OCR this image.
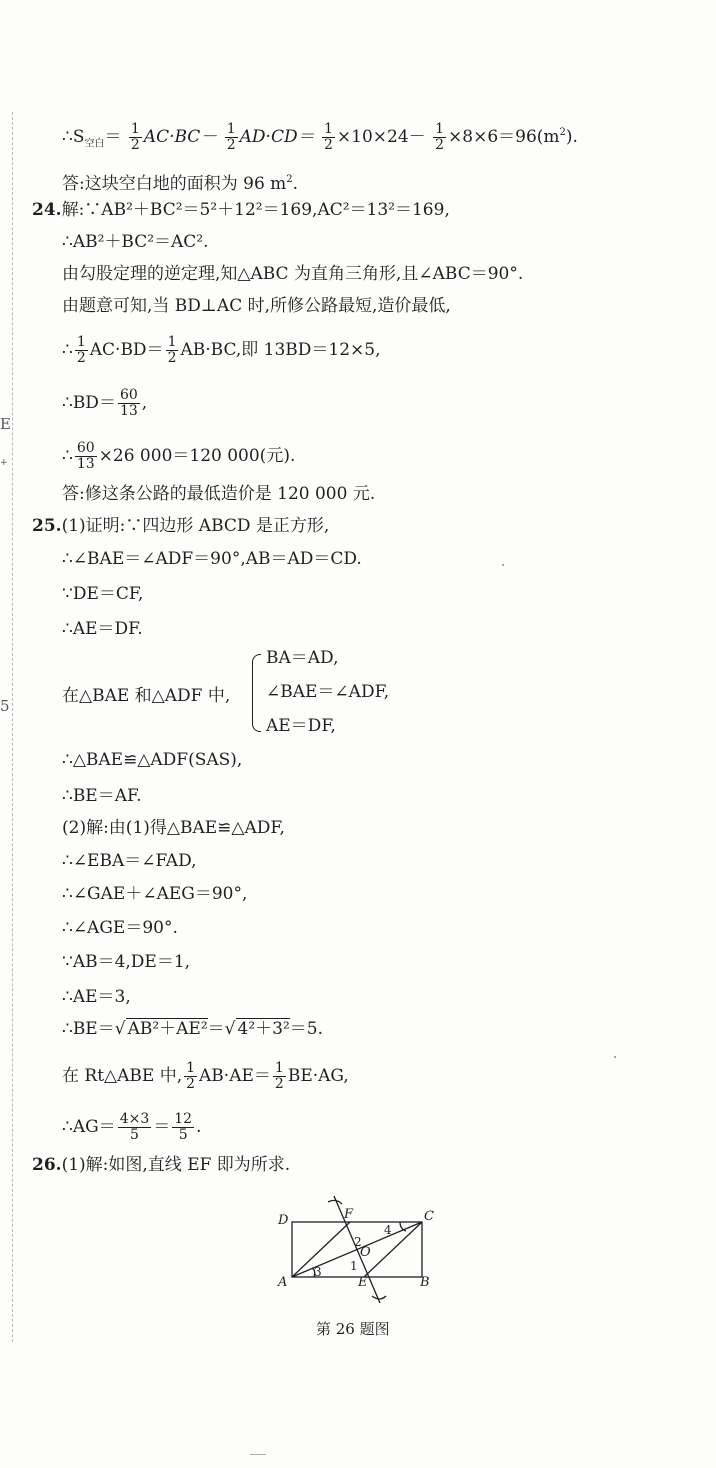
E
+
5
$\therefore S_{空白}= \frac{1}{2} AC\cdot BC- \frac{1}{2} AD\cdot CD= \frac{1}{2} \times 10\times 24- \frac{1}{2} \times 8\times 6=96(m^2)$.
答:这块空白地的面积为 96 $m^2$.
24.解:∵AB²＋BC²＝5²＋12²＝169,AC²＝13²＝169,
∴AB²＋BC²＝AC².
由勾股定理的逆定理,知△ABC 为直角三角形,且∠ABC＝90°.
由题意可知,当 BD⊥AC 时,所修公路最短,造价最低,
∴ $\frac{1}{2} AC\cdot BD= \frac{1}{2} AB\cdot BC$,即 13BD＝12×5,
∴BD＝ $\frac{60}{13}$ ,
∴ $\frac{60}{13} \times 26$ 000＝120 000(元).
答:修这条公路的最低造价是 120 000 元.
25.(1)证明:∵四边形 ABCD 是正方形,
∴∠BAE＝∠ADF＝90°,AB＝AD＝CD.
∵DE＝CF,
∴AE＝DF.
在△BAE 和△ADF 中,
BA＝AD,
∠BAE＝∠ADF,
AE＝DF,
∴△BAE≌△ADF(SAS),
∴BE＝AF.
(2)解:由(1)得△BAE≌△ADF,
∴∠EBA＝∠FAD,
∴∠GAE＋∠AEG＝90°,
∴∠AGE＝90°.
∵AB＝4,DE＝1,
∴AE＝3,
∴BE＝√ AB²＋AE²＝√ 4²＋3²＝5.
在 Rt△ABE 中, $\frac{1}{2} AB\cdot AE= \frac{1}{2} BE\cdot AG$,
∴AG＝ $\frac{4\times 3}{5} = \frac{12}{5}$ .
26.(1)解:如图,直线 EF 即为所求.
D	F	C
A	E	B
O
1
2
3
4
第 26 题图
